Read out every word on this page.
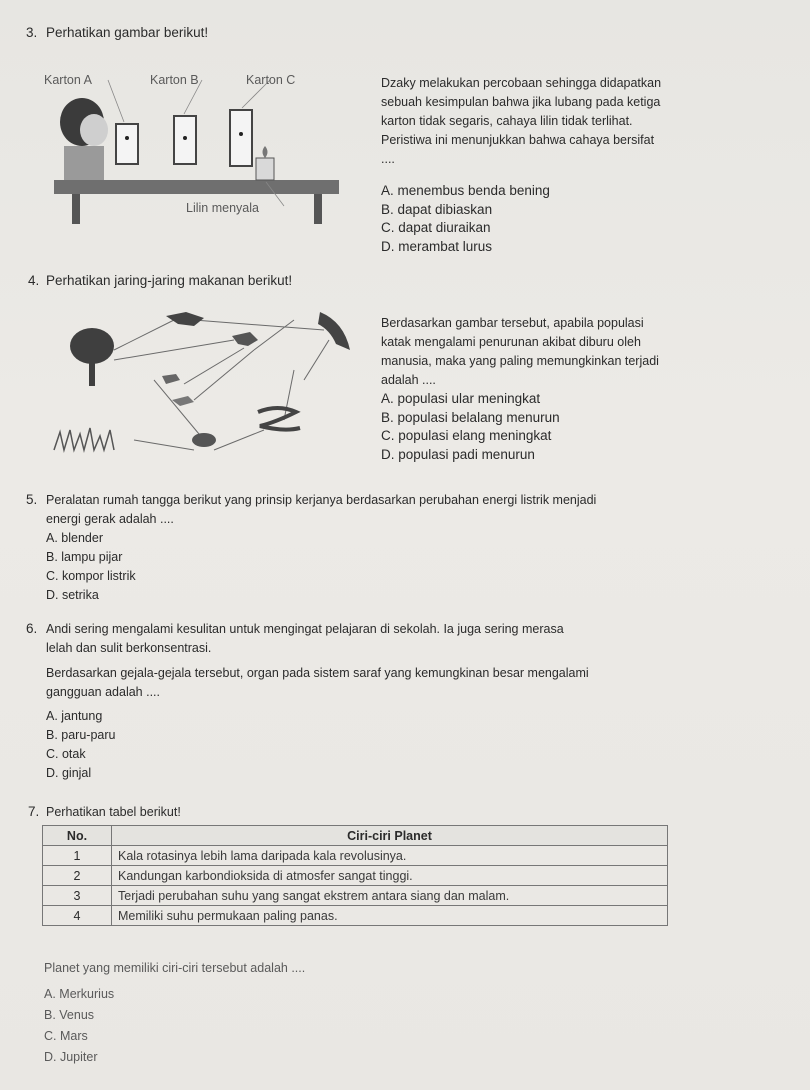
3. Perhatikan gambar berikut!
Karton A	Karton B	Karton C
Lilin menyala
Dzaky melakukan percobaan sehingga didapatkan
sebuah kesimpulan bahwa jika lubang pada ketiga
karton tidak segaris, cahaya lilin tidak terlihat.
Peristiwa ini menunjukkan bahwa cahaya bersifat
....
A. menembus benda bening
B. dapat dibiaskan
C. dapat diuraikan
D. merambat lurus
4. Perhatikan jaring-jaring makanan berikut!
Berdasarkan gambar tersebut, apabila populasi
katak mengalami penurunan akibat diburu oleh
manusia, maka yang paling memungkinkan terjadi
adalah ....
A. populasi ular meningkat
B. populasi belalang menurun
C. populasi elang meningkat
D. populasi padi menurun
5. Peralatan rumah tangga berikut yang prinsip kerjanya berdasarkan perubahan energi listrik menjadi
energi gerak adalah ....
A. blender
B. lampu pijar
C. kompor listrik
D. setrika
6. Andi sering mengalami kesulitan untuk mengingat pelajaran di sekolah. Ia juga sering merasa
lelah dan sulit berkonsentrasi.
Berdasarkan gejala-gejala tersebut, organ pada sistem saraf yang kemungkinan besar mengalami
gangguan adalah ....
A. jantung
B. paru-paru
C. otak
D. ginjal
7. Perhatikan tabel berikut!
No.	Ciri-ciri Planet
1	Kala rotasinya lebih lama daripada kala revolusinya.
2	Kandungan karbondioksida di atmosfer sangat tinggi.
3	Terjadi perubahan suhu yang sangat ekstrem antara siang dan malam.
4	Memiliki suhu permukaan paling panas.
Planet yang memiliki ciri-ciri tersebut adalah ....
A. Merkurius
B. Venus
C. Mars
D. Jupiter
